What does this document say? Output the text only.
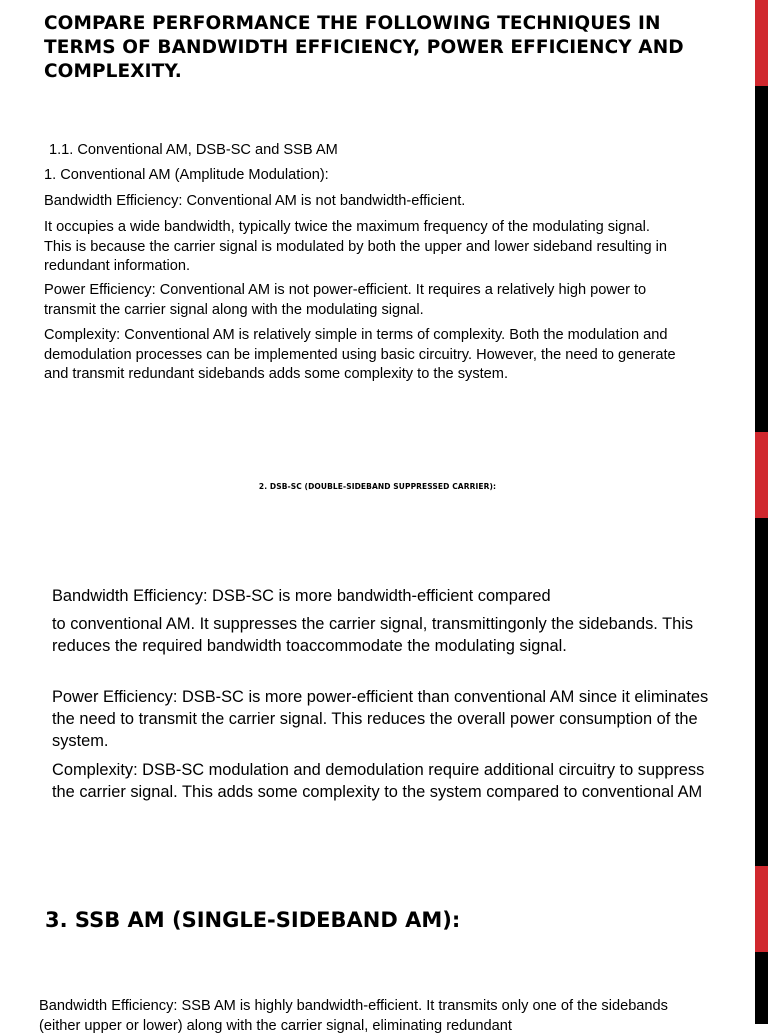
COMPARE PERFORMANCE THE FOLLOWING TECHNIQUES IN TERMS OF BANDWIDTH EFFICIENCY, POWER EFFICIENCY AND COMPLEXITY.

1.1. Conventional AM, DSB-SC and SSB AM

1. Conventional AM (Amplitude Modulation):

Bandwidth Efficiency: Conventional AM is not bandwidth-efficient.

It occupies a wide bandwidth, typically twice the maximum frequency of the modulating signal. This is because the carrier signal is modulated by both the upper and lower sideband resulting in redundant information.

Power Efficiency: Conventional AM is not power-efficient. It requires a relatively high power to transmit the carrier signal along with the modulating signal.

Complexity: Conventional AM is relatively simple in terms of complexity. Both the modulation and demodulation processes can be implemented using basic circuitry. However, the need to generate and transmit redundant sidebands adds some complexity to the system.

2. DSB-SC (DOUBLE-SIDEBAND SUPPRESSED CARRIER):

Bandwidth Efficiency: DSB-SC is more bandwidth-efficient compared

to conventional AM. It suppresses the carrier signal, transmittingonly the sidebands. This reduces the required bandwidth toaccommodate the modulating signal.

Power Efficiency: DSB-SC is more power-efficient than conventional AM since it eliminates the need to transmit the carrier signal. This reduces the overall power consumption of the system.

Complexity: DSB-SC modulation and demodulation require additional circuitry to suppress the carrier signal. This adds some complexity to the system compared to conventional AM

3. SSB AM (SINGLE-SIDEBAND AM):

Bandwidth Efficiency: SSB AM is highly bandwidth-efficient. It transmits only one of the sidebands (either upper or lower) along with the carrier signal, eliminating redundant
